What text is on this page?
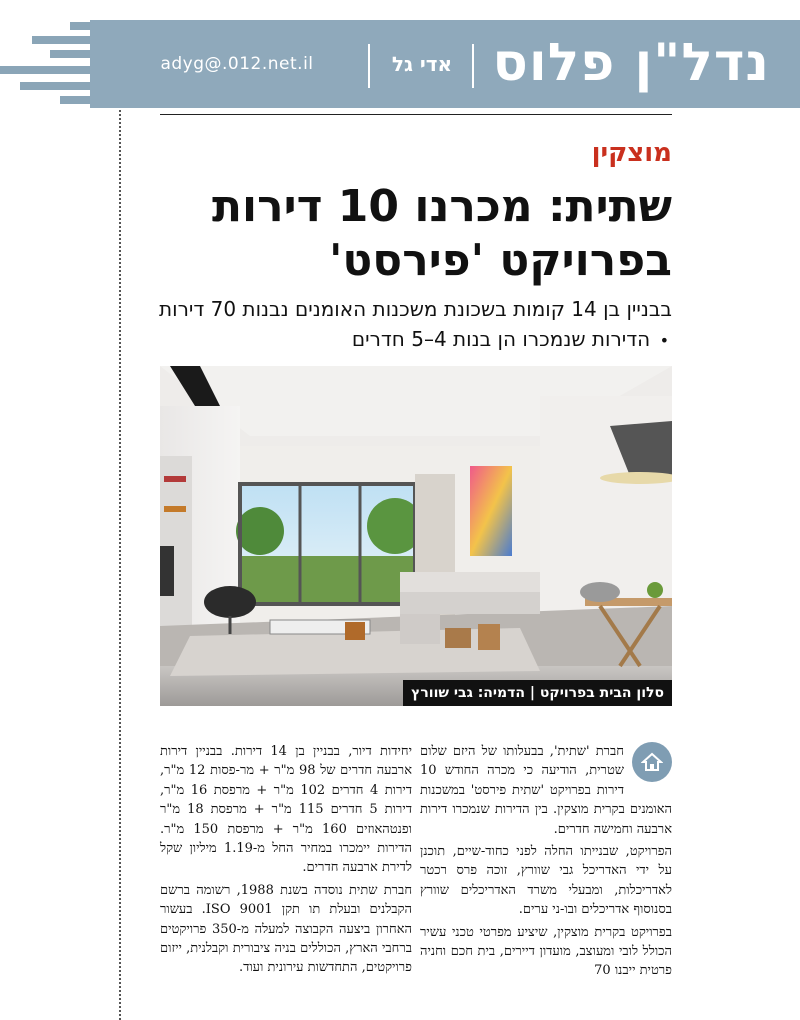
נדל"ן פלוס
אדי גל
adyg@.012.net.il
מוצקין
שתית: מכרנו 10 דירות בפרויקט 'פירסט'
בבניין בן 14 קומות בשכונת משכנות האומנים נבנות 70 דירות • הדירות שנמכרו הן בנות 4–5 חדרים
סלון הבית בפרויקט | הדמיה: גבי שוורץ

חברת 'שתית', בבעלותו של היזם שלום שטרית, הודיעה כי מכרה החודש 10 דירות בפרויקט 'שתית פירסט' במשכנות האומנים בקרית מוצקין. בין הדירות שנמכרו דירות ארבעה וחמישה חדרים.

הפרויקט, שבנייתו החלה לפני כחוד-שיים, תוכנן על ידי האדריכל גבי שוורץ, זוכה פרס רכטר לאדריכלות, ומבעלי משרד האדריכלים שוורץ בסנוסוף אדריכלים ובו-ני ערים.

בפרויקט בקרית מוצקין, שיציע מפרטי טכני עשיר הכולל לובי ומעוצב, מועדון דיירים, בית חכם וחניה פרטית ייבנו 70

יחידות דיור, בבניין בן 14 דירות. בבניין דירות ארבעה חדרים של 98 מ"ר + מר-פסות 12 מ"ר, דירות 4 חדרים 102 מ"ר + מרפסת 16 מ"ר, דירות 5 חדרים 115 מ"ר + מרפסת 18 מ"ר ופנטהאוזים 160 מ"ר + מרפסת 150 מ"ר. הדירות יימכרו במחיר החל מ-1.19 מיליון שקל לדירת ארבעה חדרים.

חברת שתית נוסדה בשנת 1988, רשומה ברשם הקבלנים ובעלת תו תקן ISO 9001. בעשור האחרון ביצעה הקבוצה למעלה מ-350 פרויקטים ברחבי הארץ, הכוללים בניה ציבורית וקבלנית, ייזום פרויקטים, התחדשות עירונית ועוד.
